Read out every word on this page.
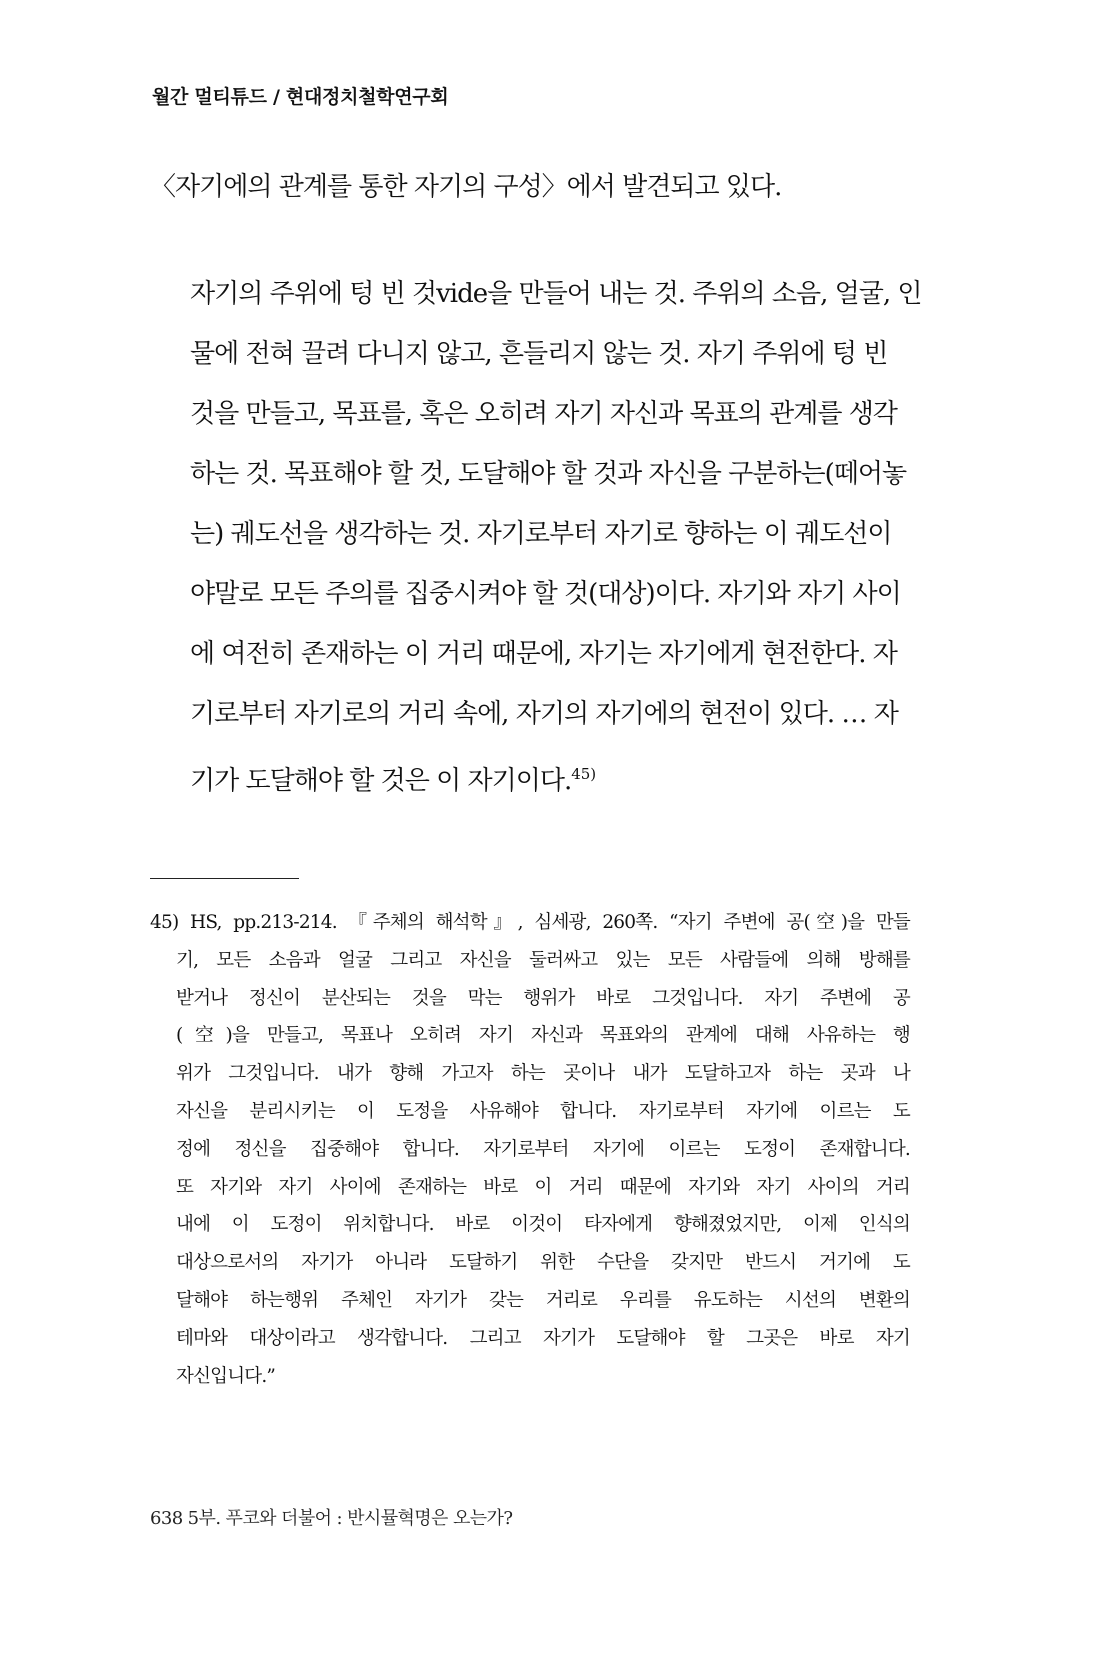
월간 멀티튜드 / 현대정치철학연구회
〈자기에의 관계를 통한 자기의 구성〉에서 발견되고 있다.
자기의 주위에 텅 빈 것vide을 만들어 내는 것. 주위의 소음, 얼굴, 인
물에 전혀 끌려 다니지 않고, 흔들리지 않는 것. 자기 주위에 텅 빈
것을 만들고, 목표를, 혹은 오히려 자기 자신과 목표의 관계를 생각
하는 것. 목표해야 할 것, 도달해야 할 것과 자신을 구분하는(떼어놓
는) 궤도선을 생각하는 것. 자기로부터 자기로 향하는 이 궤도선이
야말로 모든 주의를 집중시켜야 할 것(대상)이다. 자기와 자기 사이
에 여전히 존재하는 이 거리 때문에, 자기는 자기에게 현전한다. 자
기로부터 자기로의 거리 속에, 자기의 자기에의 현전이 있다. … 자
기가 도달해야 할 것은 이 자기이다.$^{45)}$
45) HS, pp.213-214. 『주체의 해석학』, 심세광, 260쪽. “자기 주변에 공(空)을 만들
기, 모든 소음과 얼굴 그리고 자신을 둘러싸고 있는 모든 사람들에 의해 방해를
받거나 정신이 분산되는 것을 막는 행위가 바로 그것입니다. 자기 주변에 공
(空)을 만들고, 목표나 오히려 자기 자신과 목표와의 관계에 대해 사유하는 행
위가 그것입니다. 내가 향해 가고자 하는 곳이나 내가 도달하고자 하는 곳과 나
자신을 분리시키는 이 도정을 사유해야 합니다. 자기로부터 자기에 이르는 도
정에 정신을 집중해야 합니다. 자기로부터 자기에 이르는 도정이 존재합니다.
또 자기와 자기 사이에 존재하는 바로 이 거리 때문에 자기와 자기 사이의 거리
내에 이 도정이 위치합니다. 바로 이것이 타자에게 향해졌었지만, 이제 인식의
대상으로서의 자기가 아니라 도달하기 위한 수단을 갖지만 반드시 거기에 도
달해야 하는행위 주체인 자기가 갖는 거리로 우리를 유도하는 시선의 변환의
테마와 대상이라고 생각합니다. 그리고 자기가 도달해야 할 그곳은 바로 자기
자신입니다.”
638 5부. 푸코와 더불어 : 반시뮬혁명은 오는가?
